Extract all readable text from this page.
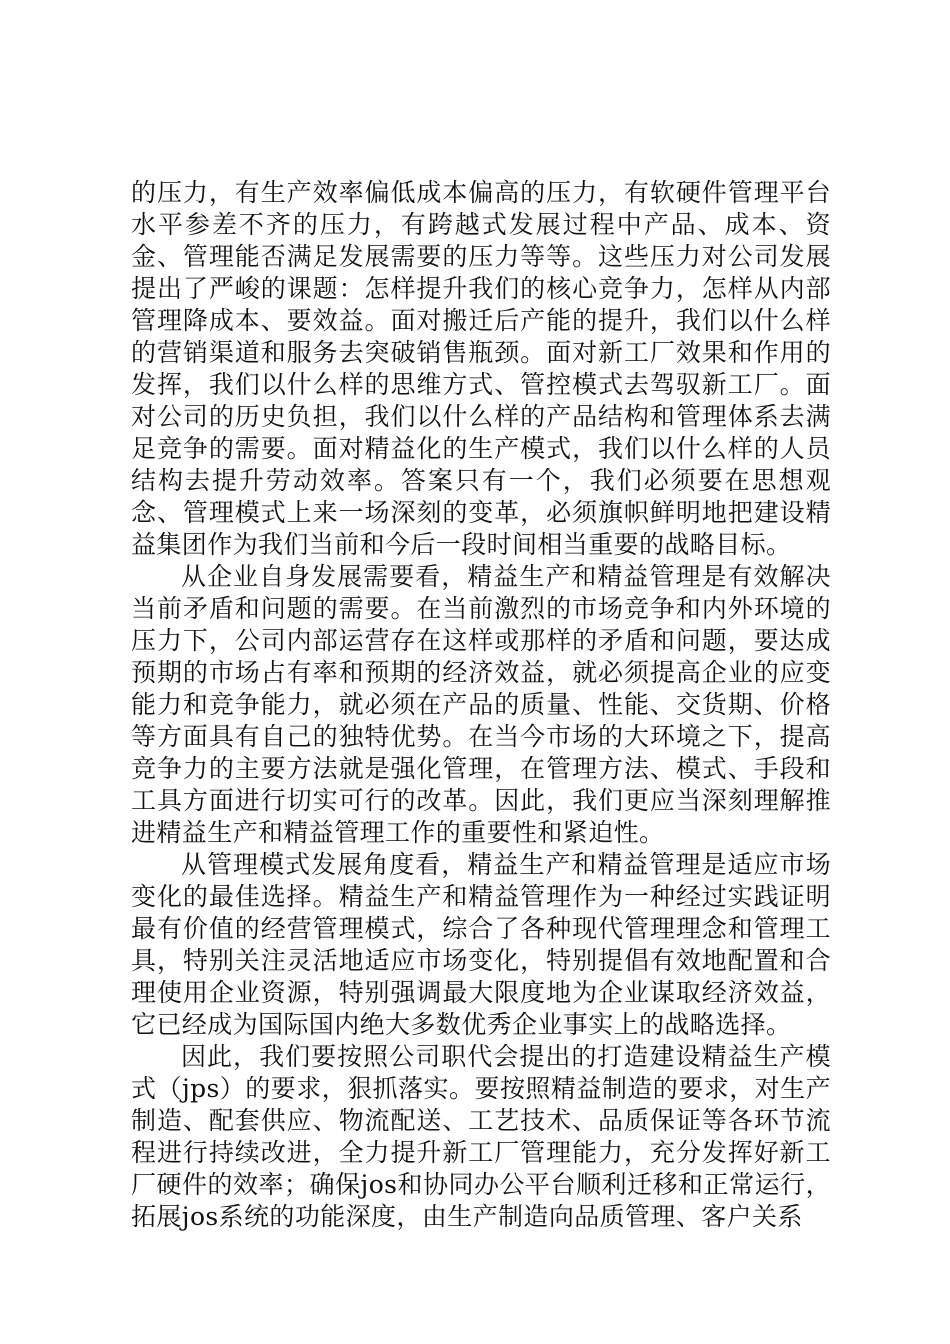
的压力，有生产效率偏低成本偏高的压力，有软硬件管理平台水平参差不齐的压力，有跨越式发展过程中产品、成本、资金、管理能否满足发展需要的压力等等。这些压力对公司发展提出了严峻的课题：怎样提升我们的核心竞争力，怎样从内部管理降成本、要效益。面对搬迁后产能的提升，我们以什么样的营销渠道和服务去突破销售瓶颈。面对新工厂效果和作用的发挥，我们以什么样的思维方式、管控模式去驾驭新工厂。面对公司的历史负担，我们以什么样的产品结构和管理体系去满足竞争的需要。面对精益化的生产模式，我们以什么样的人员结构去提升劳动效率。答案只有一个，我们必须要在思想观念、管理模式上来一场深刻的变革，必须旗帜鲜明地把建设精益集团作为我们当前和今后一段时间相当重要的战略目标。

从企业自身发展需要看，精益生产和精益管理是有效解决当前矛盾和问题的需要。在当前激烈的市场竞争和内外环境的压力下，公司内部运营存在这样或那样的矛盾和问题，要达成预期的市场占有率和预期的经济效益，就必须提高企业的应变能力和竞争能力，就必须在产品的质量、性能、交货期、价格等方面具有自己的独特优势。在当今市场的大环境之下，提高竞争力的主要方法就是强化管理，在管理方法、模式、手段和工具方面进行切实可行的改革。因此，我们更应当深刻理解推进精益生产和精益管理工作的重要性和紧迫性。

从管理模式发展角度看，精益生产和精益管理是适应市场变化的最佳选择。精益生产和精益管理作为一种经过实践证明最有价值的经营管理模式，综合了各种现代管理理念和管理工具，特别关注灵活地适应市场变化，特别提倡有效地配置和合理使用企业资源，特别强调最大限度地为企业谋取经济效益，它已经成为国际国内绝大多数优秀企业事实上的战略选择。

因此，我们要按照公司职代会提出的打造建设精益生产模式（jps）的要求，狠抓落实。要按照精益制造的要求，对生产制造、配套供应、物流配送、工艺技术、品质保证等各环节流程进行持续改进，全力提升新工厂管理能力，充分发挥好新工厂硬件的效率；确保jos和协同办公平台顺利迁移和正常运行，拓展jos系统的功能深度，由生产制造向品质管理、客户关系
